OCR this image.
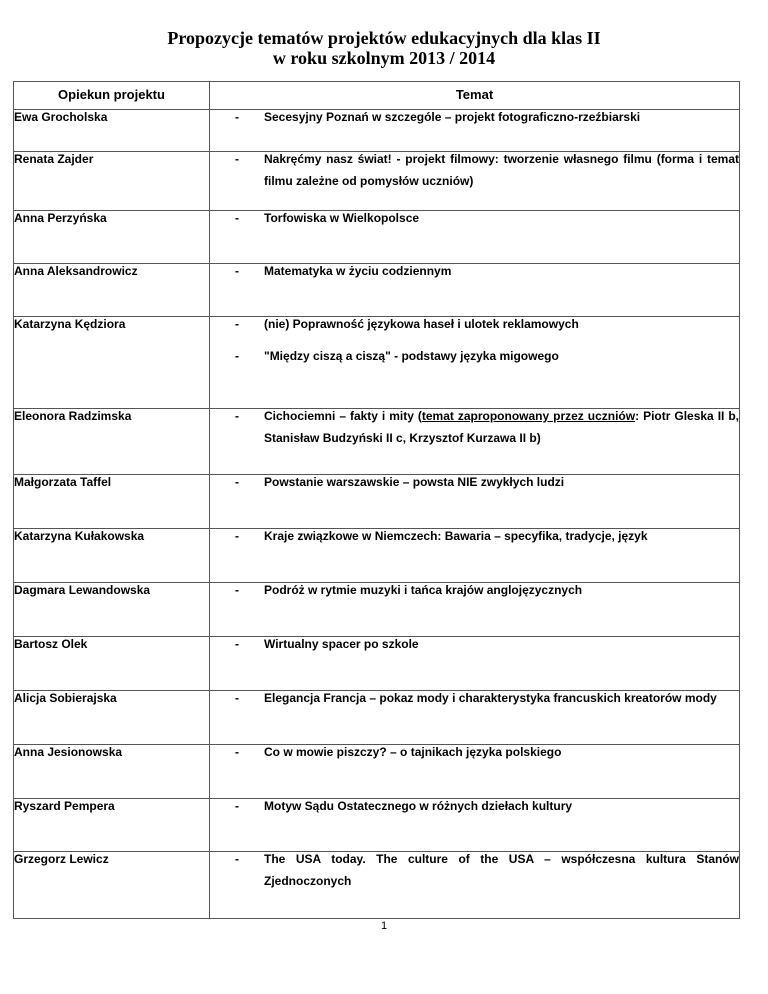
Propozycje tematów projektów edukacyjnych dla klas II
w roku szkolnym 2013 / 2014
Opiekun projektu	Temat
Ewa Grocholska	- Secesyjny Poznań w szczególe – projekt fotograficzno-rzeźbiarski

Renata Zajder	- Nakręćmy nasz świat! - projekt filmowy: tworzenie własnego filmu (forma i temat filmu zależne od pomysłów uczniów)

Anna Perzyńska	- Torfowiska w Wielkopolsce

Anna Aleksandrowicz	- Matematyka w życiu codziennym

Katarzyna Kędziora	- (nie) Poprawność językowa haseł i ulotek reklamowych
- "Między ciszą a ciszą" - podstawy języka migowego

Eleonora Radzimska	- Cichociemni – fakty i mity (temat zaproponowany przez uczniów: Piotr Gleska II b, Stanisław Budzyński II c, Krzysztof Kurzawa II b)

Małgorzata Taffel	- Powstanie warszawskie – powsta NIE zwykłych ludzi

Katarzyna Kułakowska	- Kraje związkowe w Niemczech: Bawaria – specyfika, tradycje, język

Dagmara Lewandowska	- Podróż w rytmie muzyki i tańca krajów anglojęzycznych

Bartosz Olek	- Wirtualny spacer po szkole

Alicja Sobierajska	- Elegancja Francja – pokaz mody i charakterystyka francuskich kreatorów mody

Anna Jesionowska	- Co w mowie piszczy? – o tajnikach języka polskiego

Ryszard Pempera	- Motyw Sądu Ostatecznego w różnych dziełach kultury

Grzegorz Lewicz	- The USA today. The culture of the USA – współczesna kultura Stanów Zjednoczonych
1
